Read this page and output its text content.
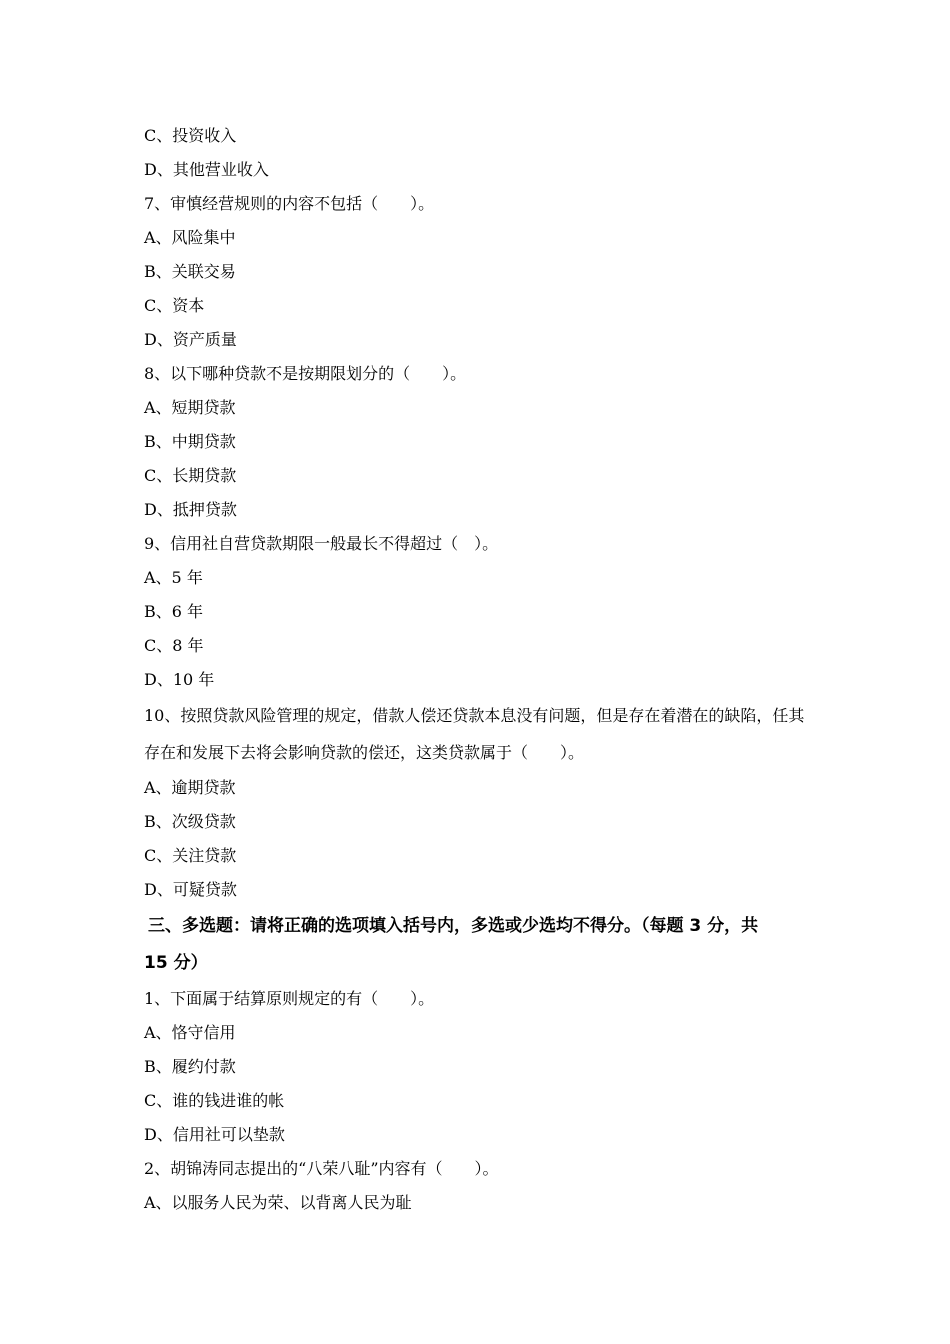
C、投资收入
D、其他营业收入
7、审慎经营规则的内容不包括（　　）。
A、风险集中
B、关联交易
C、资本
D、资产质量
8、以下哪种贷款不是按期限划分的（　　）。
A、短期贷款
B、中期贷款
C、长期贷款
D、抵押贷款
9、信用社自营贷款期限一般最长不得超过（　）。
A、5 年
B、6 年
C、8 年
D、10 年
10、按照贷款风险管理的规定，借款人偿还贷款本息没有问题，但是存在着潜在的缺陷，任其
存在和发展下去将会影响贷款的偿还，这类贷款属于（　　）。
A、逾期贷款
B、次级贷款
C、关注贷款
D、可疑贷款
三、多选题：请将正确的选项填入括号内，多选或少选均不得分。（每题 3 分，共
15 分）
1、下面属于结算原则规定的有（　　）。
A、恪守信用
B、履约付款
C、谁的钱进谁的帐
D、信用社可以垫款
2、胡锦涛同志提出的“八荣八耻”内容有（　　）。
A、以服务人民为荣、以背离人民为耻
